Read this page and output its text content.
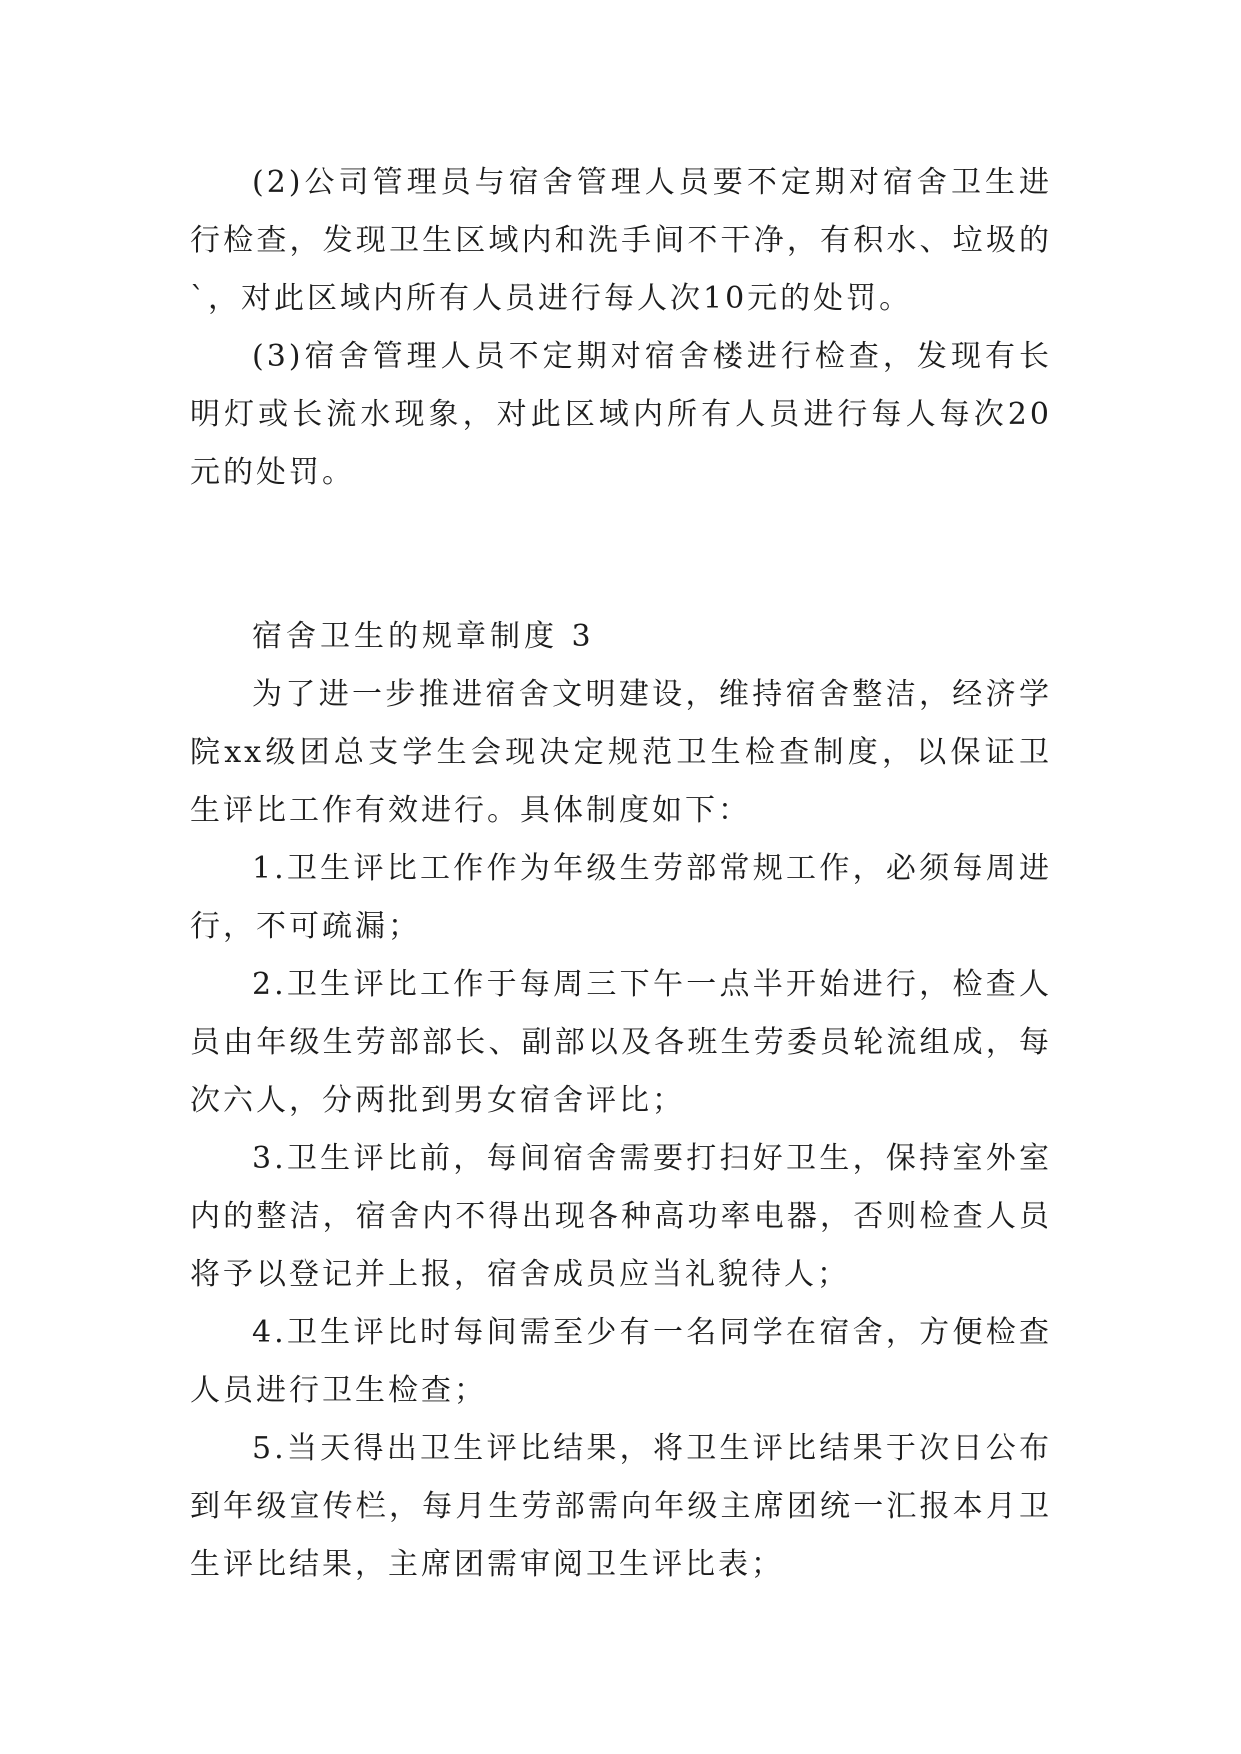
(2)公司管理员与宿舍管理人员要不定期对宿舍卫生进行检查，发现卫生区域内和洗手间不干净，有积水、垃圾的`，对此区域内所有人员进行每人次10元的处罚。

(3)宿舍管理人员不定期对宿舍楼进行检查，发现有长明灯或长流水现象，对此区域内所有人员进行每人每次20元的处罚。

宿舍卫生的规章制度 3

为了进一步推进宿舍文明建设，维持宿舍整洁，经济学院xx级团总支学生会现决定规范卫生检查制度，以保证卫生评比工作有效进行。具体制度如下：

1.卫生评比工作作为年级生劳部常规工作，必须每周进行，不可疏漏；

2.卫生评比工作于每周三下午一点半开始进行，检查人员由年级生劳部部长、副部以及各班生劳委员轮流组成，每次六人，分两批到男女宿舍评比；

3.卫生评比前，每间宿舍需要打扫好卫生，保持室外室内的整洁，宿舍内不得出现各种高功率电器，否则检查人员将予以登记并上报，宿舍成员应当礼貌待人；

4.卫生评比时每间需至少有一名同学在宿舍，方便检查人员进行卫生检查；

5.当天得出卫生评比结果，将卫生评比结果于次日公布到年级宣传栏，每月生劳部需向年级主席团统一汇报本月卫生评比结果，主席团需审阅卫生评比表；
